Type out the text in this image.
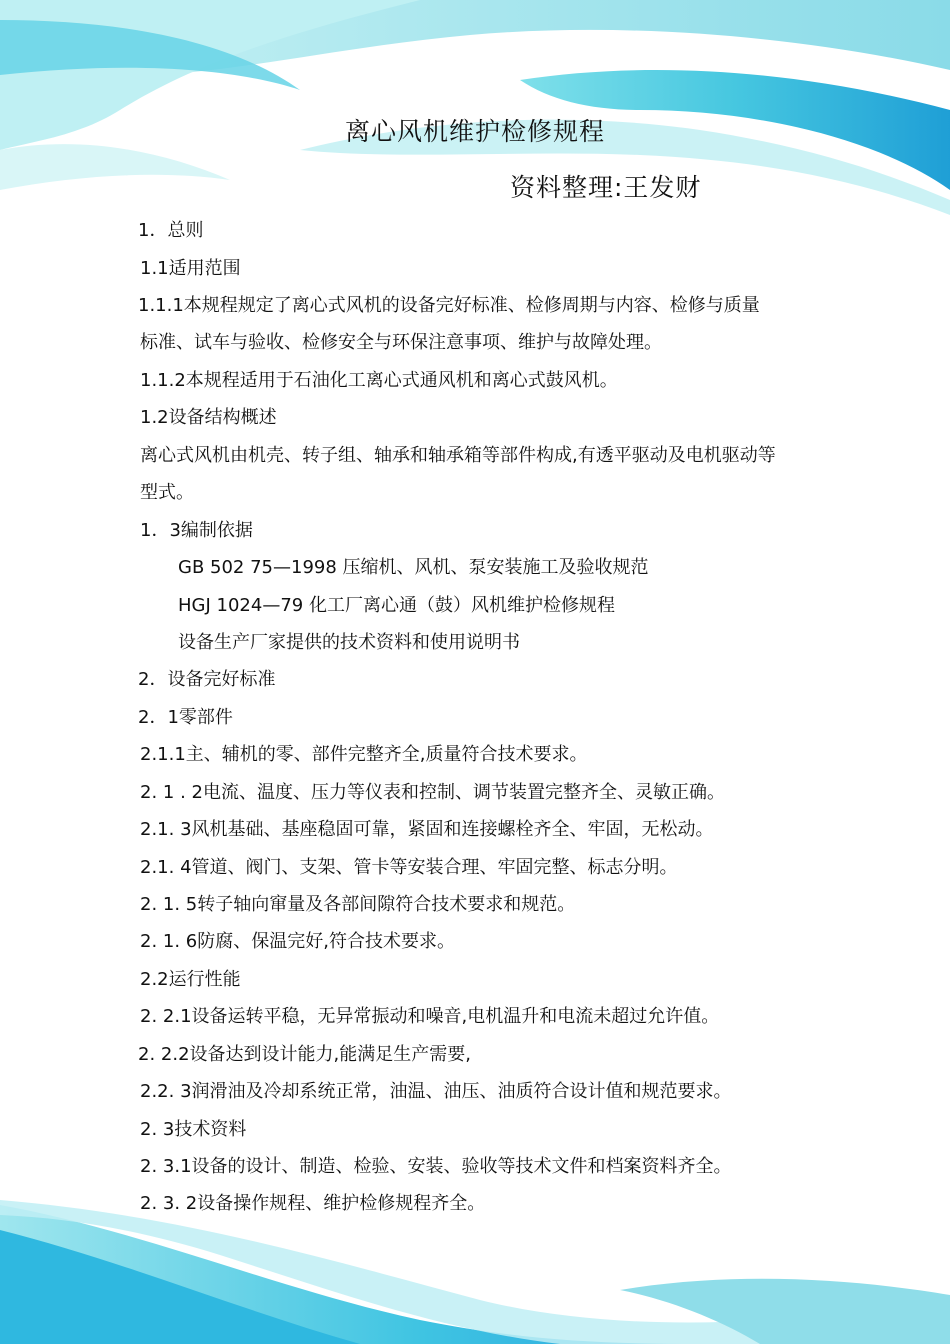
离心风机维护检修规程
资料整理:王发财
1．总则
1.1适用范围
1.1.1本规程规定了离心式风机的设备完好标准、检修周期与内容、检修与质量
标准、试车与验收、检修安全与环保注意事项、维护与故障处理。
1.1.2本规程适用于石油化工离心式通风机和离心式鼓风机。
1.2设备结构概述
离心式风机由机壳、转子组、轴承和轴承箱等部件构成,有透平驱动及电机驱动等
型式。
1．3编制依据
GB 502 75—1998 压缩机、风机、泵安装施工及验收规范
HGJ 1024—79 化工厂离心通（鼓）风机维护检修规程
设备生产厂家提供的技术资料和使用说明书
2．设备完好标准
2．1零部件
2.1.1主、辅机的零、部件完整齐全,质量符合技术要求。
2. 1 . 2电流、温度、压力等仪表和控制、调节装置完整齐全、灵敏正确。
2.1. 3风机基础、基座稳固可靠，紧固和连接螺栓齐全、牢固，无松动。
2.1. 4管道、阀门、支架、管卡等安装合理、牢固完整、标志分明。
2. 1. 5转子轴向窜量及各部间隙符合技术要求和规范。
2. 1. 6防腐、保温完好,符合技术要求。
2.2运行性能
2. 2.1设备运转平稳，无异常振动和噪音,电机温升和电流未超过允许值。
2. 2.2设备达到设计能力,能满足生产需要,
2.2. 3润滑油及冷却系统正常，油温、油压、油质符合设计值和规范要求。
2. 3技术资料
2. 3.1设备的设计、制造、检验、安装、验收等技术文件和档案资料齐全。
2. 3. 2设备操作规程、维护检修规程齐全。
